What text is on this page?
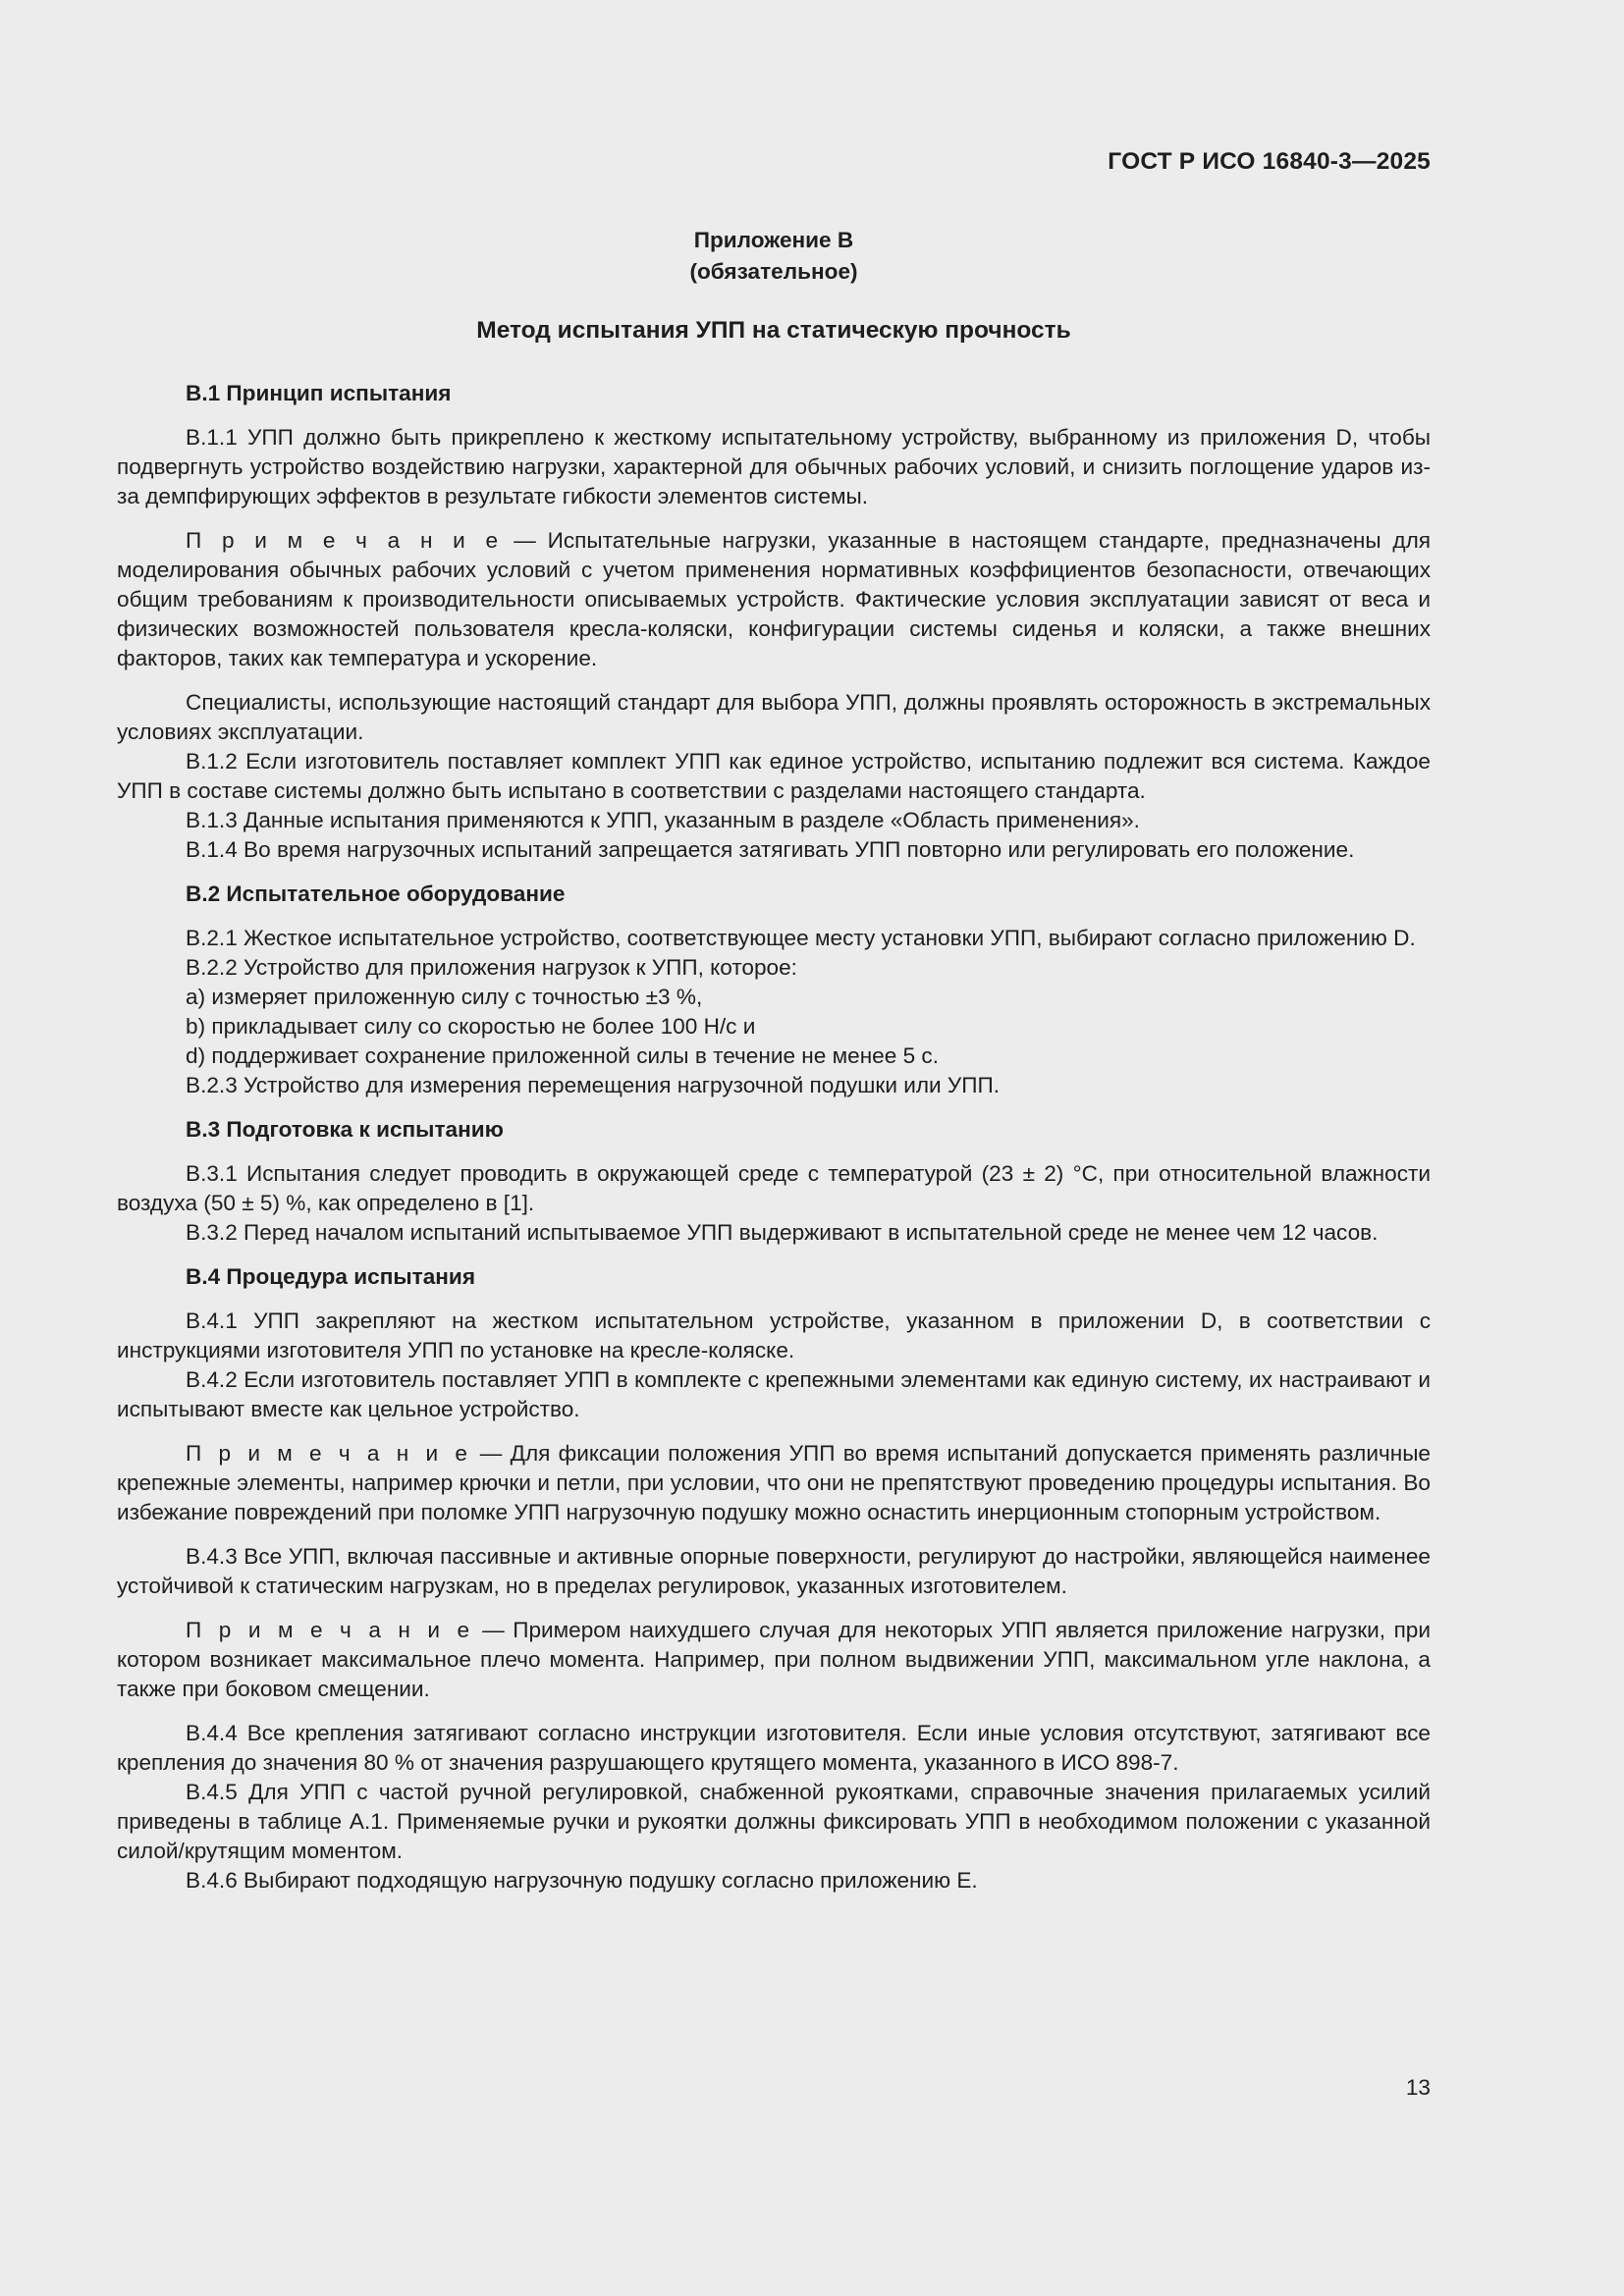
ГОСТ Р ИСО 16840-3—2025
Приложение B
(обязательное)
Метод испытания УПП на статическую прочность

B.1 Принцип испытания

B.1.1 УПП должно быть прикреплено к жесткому испытательному устройству, выбранному из приложения D, чтобы подвергнуть устройство воздействию нагрузки, характерной для обычных рабочих условий, и снизить поглощение ударов из-за демпфирующих эффектов в результате гибкости элементов системы.

П р и м е ч а н и е — Испытательные нагрузки, указанные в настоящем стандарте, предназначены для моделирования обычных рабочих условий с учетом применения нормативных коэффициентов безопасности, отвечающих общим требованиям к производительности описываемых устройств. Фактические условия эксплуатации зависят от веса и физических возможностей пользователя кресла-коляски, конфигурации системы сиденья и коляски, а также внешних факторов, таких как температура и ускорение.

Специалисты, использующие настоящий стандарт для выбора УПП, должны проявлять осторожность в экстремальных условиях эксплуатации.

B.1.2 Если изготовитель поставляет комплект УПП как единое устройство, испытанию подлежит вся система. Каждое УПП в составе системы должно быть испытано в соответствии с разделами настоящего стандарта.

B.1.3 Данные испытания применяются к УПП, указанным в разделе «Область применения».

B.1.4 Во время нагрузочных испытаний запрещается затягивать УПП повторно или регулировать его положение.

B.2 Испытательное оборудование

B.2.1 Жесткое испытательное устройство, соответствующее месту установки УПП, выбирают согласно приложению D.

B.2.2 Устройство для приложения нагрузок к УПП, которое:

a) измеряет приложенную силу с точностью ±3 %,

b) прикладывает силу со скоростью не более 100 Н/с и

d) поддерживает сохранение приложенной силы в течение не менее 5 с.

B.2.3 Устройство для измерения перемещения нагрузочной подушки или УПП.

B.3 Подготовка к испытанию

B.3.1 Испытания следует проводить в окружающей среде с температурой (23 ± 2) °C, при относительной влажности воздуха (50 ± 5) %, как определено в [1].

B.3.2 Перед началом испытаний испытываемое УПП выдерживают в испытательной среде не менее чем 12 часов.

B.4 Процедура испытания

B.4.1 УПП закрепляют на жестком испытательном устройстве, указанном в приложении D, в соответствии с инструкциями изготовителя УПП по установке на кресле-коляске.

B.4.2 Если изготовитель поставляет УПП в комплекте с крепежными элементами как единую систему, их настраивают и испытывают вместе как цельное устройство.

П р и м е ч а н и е — Для фиксации положения УПП во время испытаний допускается применять различные крепежные элементы, например крючки и петли, при условии, что они не препятствуют проведению процедуры испытания. Во избежание повреждений при поломке УПП нагрузочную подушку можно оснастить инерционным стопорным устройством.

B.4.3 Все УПП, включая пассивные и активные опорные поверхности, регулируют до настройки, являющейся наименее устойчивой к статическим нагрузкам, но в пределах регулировок, указанных изготовителем.

П р и м е ч а н и е — Примером наихудшего случая для некоторых УПП является приложение нагрузки, при котором возникает максимальное плечо момента. Например, при полном выдвижении УПП, максимальном угле наклона, а также при боковом смещении.

B.4.4 Все крепления затягивают согласно инструкции изготовителя. Если иные условия отсутствуют, затягивают все крепления до значения 80 % от значения разрушающего крутящего момента, указанного в ИСО 898-7.

B.4.5 Для УПП с частой ручной регулировкой, снабженной рукоятками, справочные значения прилагаемых усилий приведены в таблице А.1. Применяемые ручки и рукоятки должны фиксировать УПП в необходимом положении с указанной силой/крутящим моментом.

B.4.6 Выбирают подходящую нагрузочную подушку согласно приложению Е.

13
